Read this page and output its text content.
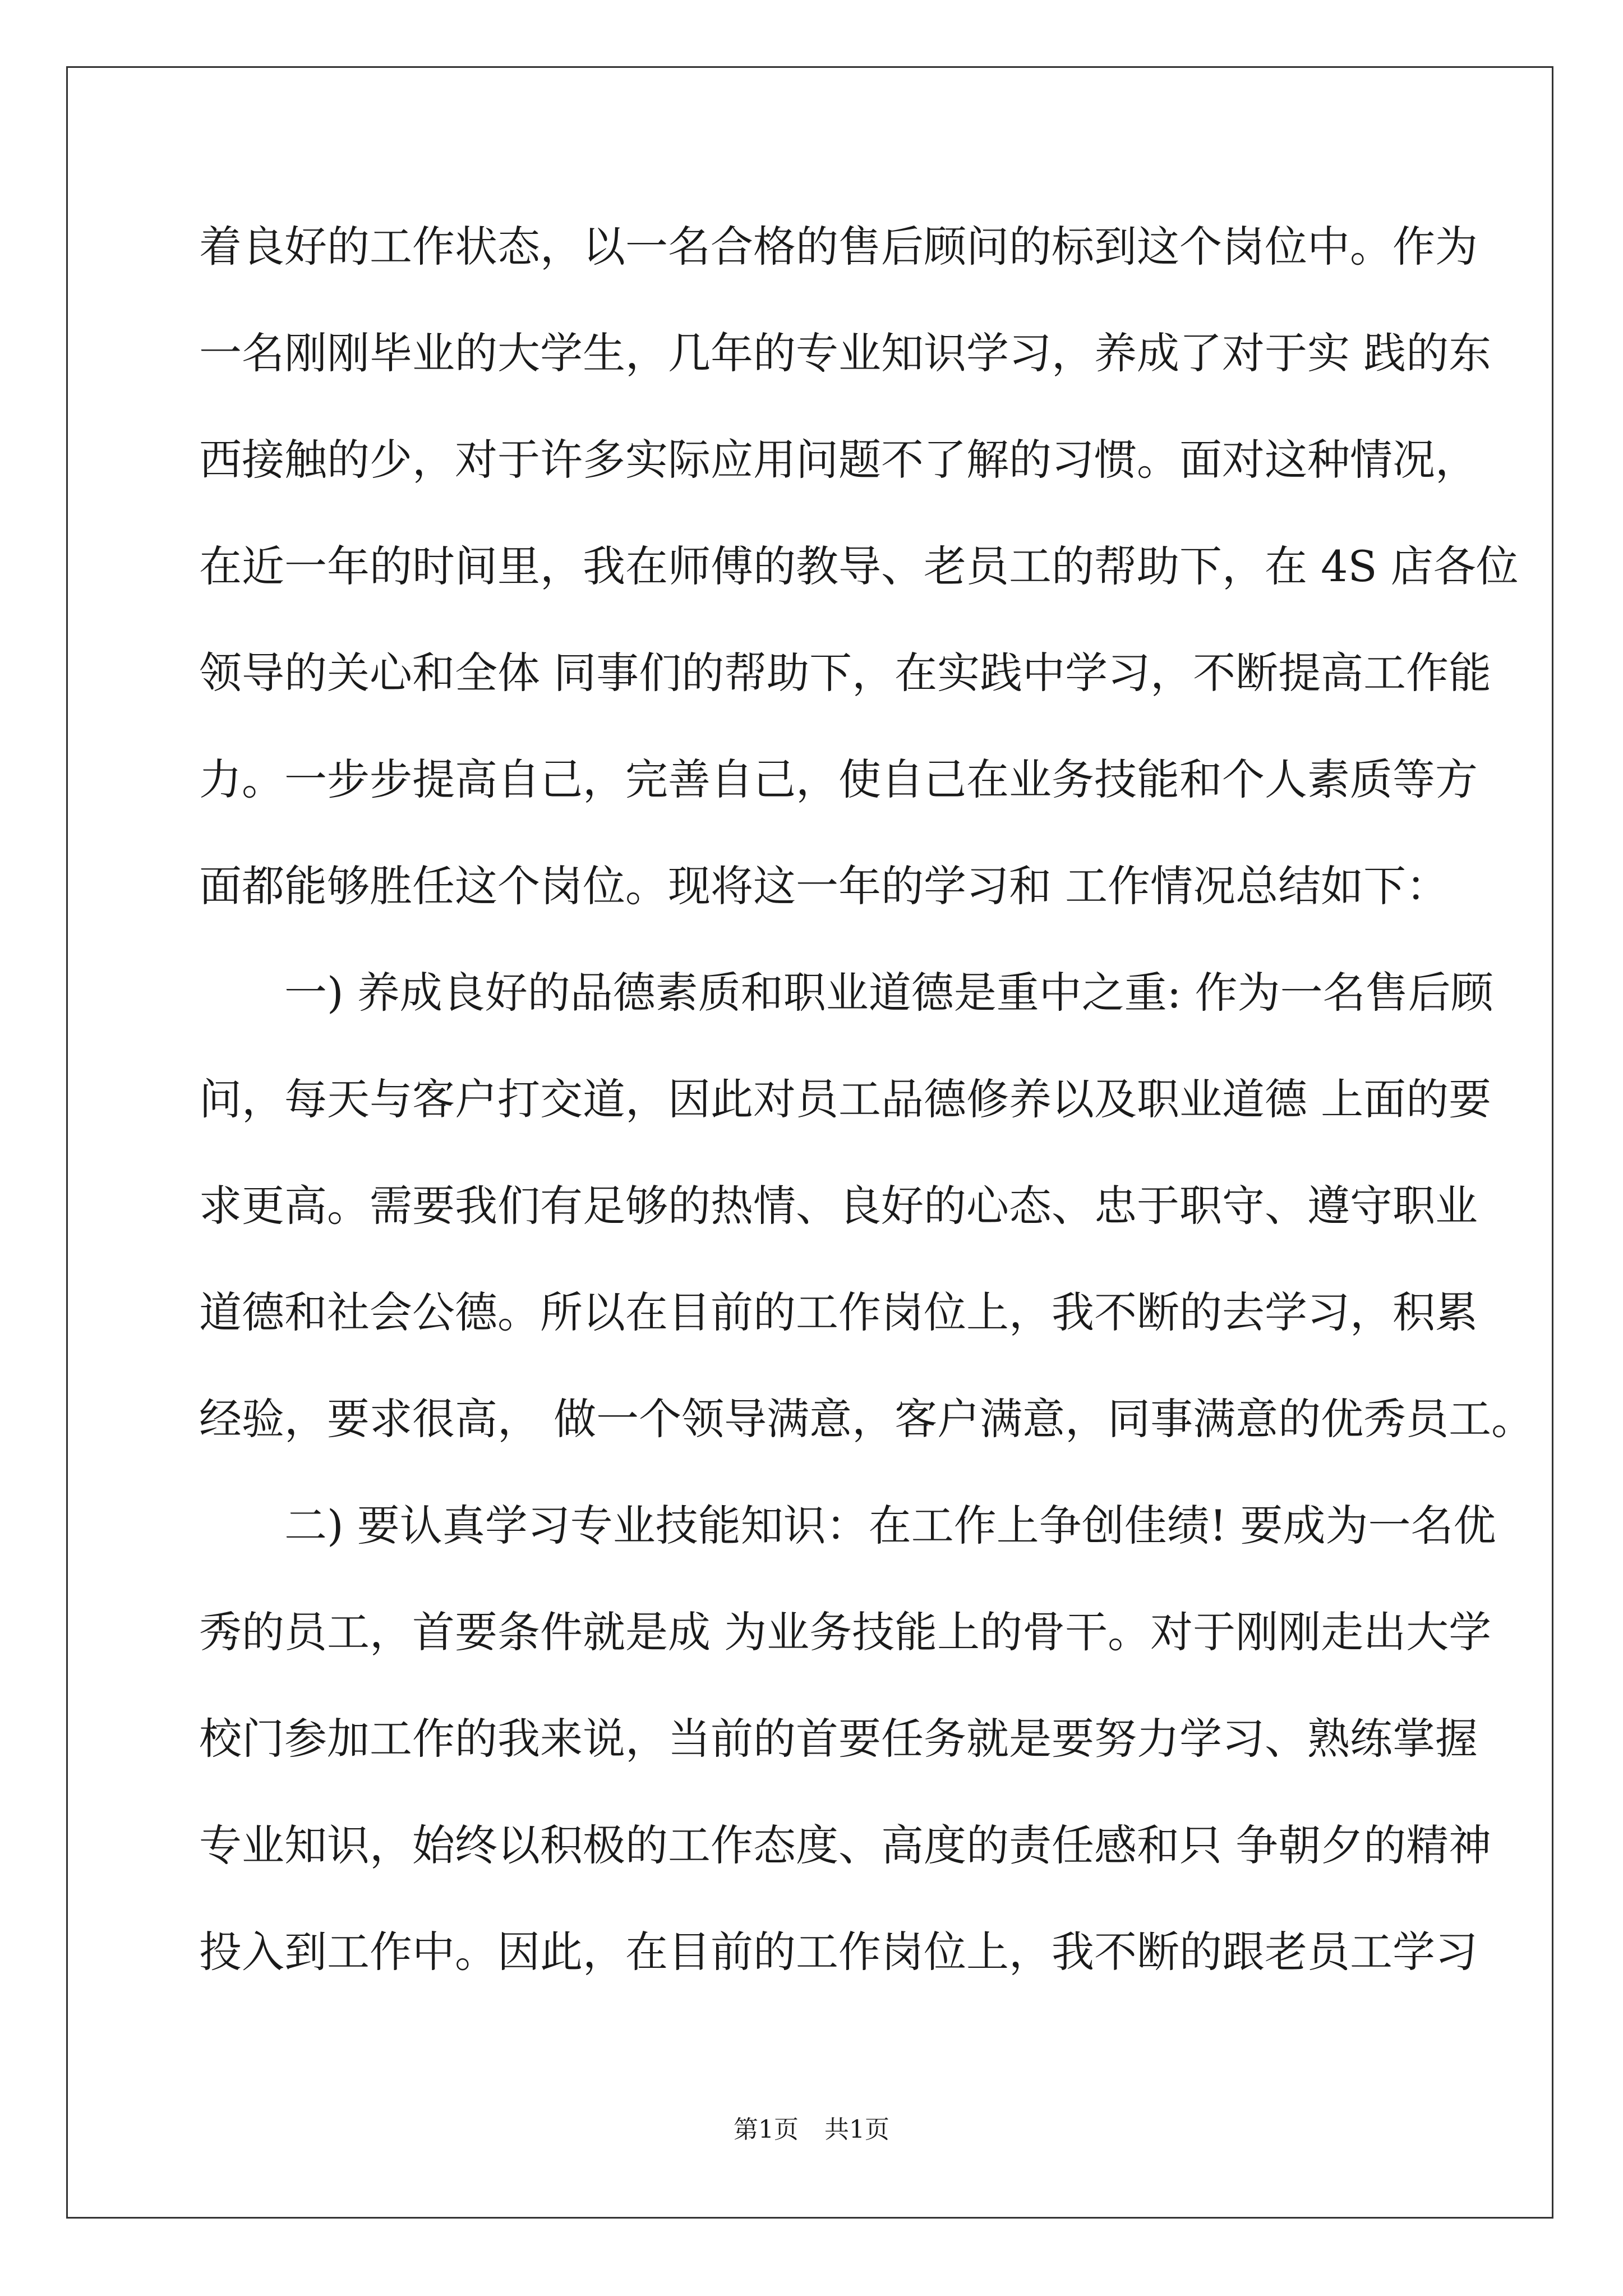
着良好的工作状态，以一名合格的售后顾问的标到这个岗位中。作为
一名刚刚毕业的大学生，几年的专业知识学习，养成了对于实 践的东
西接触的少，对于许多实际应用问题不了解的习惯。面对这种情况，
在近一年的时间里，我在师傅的教导、老员工的帮助下，在 4S 店各位
领导的关心和全体 同事们的帮助下，在实践中学习，不断提高工作能
力。一步步提高自己，完善自己，使自己在业务技能和个人素质等方
面都能够胜任这个岗位。现将这一年的学习和 工作情况总结如下：
一) 养成良好的品德素质和职业道德是重中之重: 作为一名售后顾
问，每天与客户打交道，因此对员工品德修养以及职业道德 上面的要
求更高。需要我们有足够的热情、良好的心态、忠于职守、遵守职业
道德和社会公德。所以在目前的工作岗位上，我不断的去学习，积累
经验，要求很高， 做一个领导满意，客户满意，同事满意的优秀员工。
二) 要认真学习专业技能知识：在工作上争创佳绩! 要成为一名优
秀的员工，首要条件就是成 为业务技能上的骨干。对于刚刚走出大学
校门参加工作的我来说，当前的首要任务就是要努力学习、熟练掌握
专业知识，始终以积极的工作态度、高度的责任感和只 争朝夕的精神
投入到工作中。因此，在目前的工作岗位上，我不断的跟老员工学习
第1页 共1页
